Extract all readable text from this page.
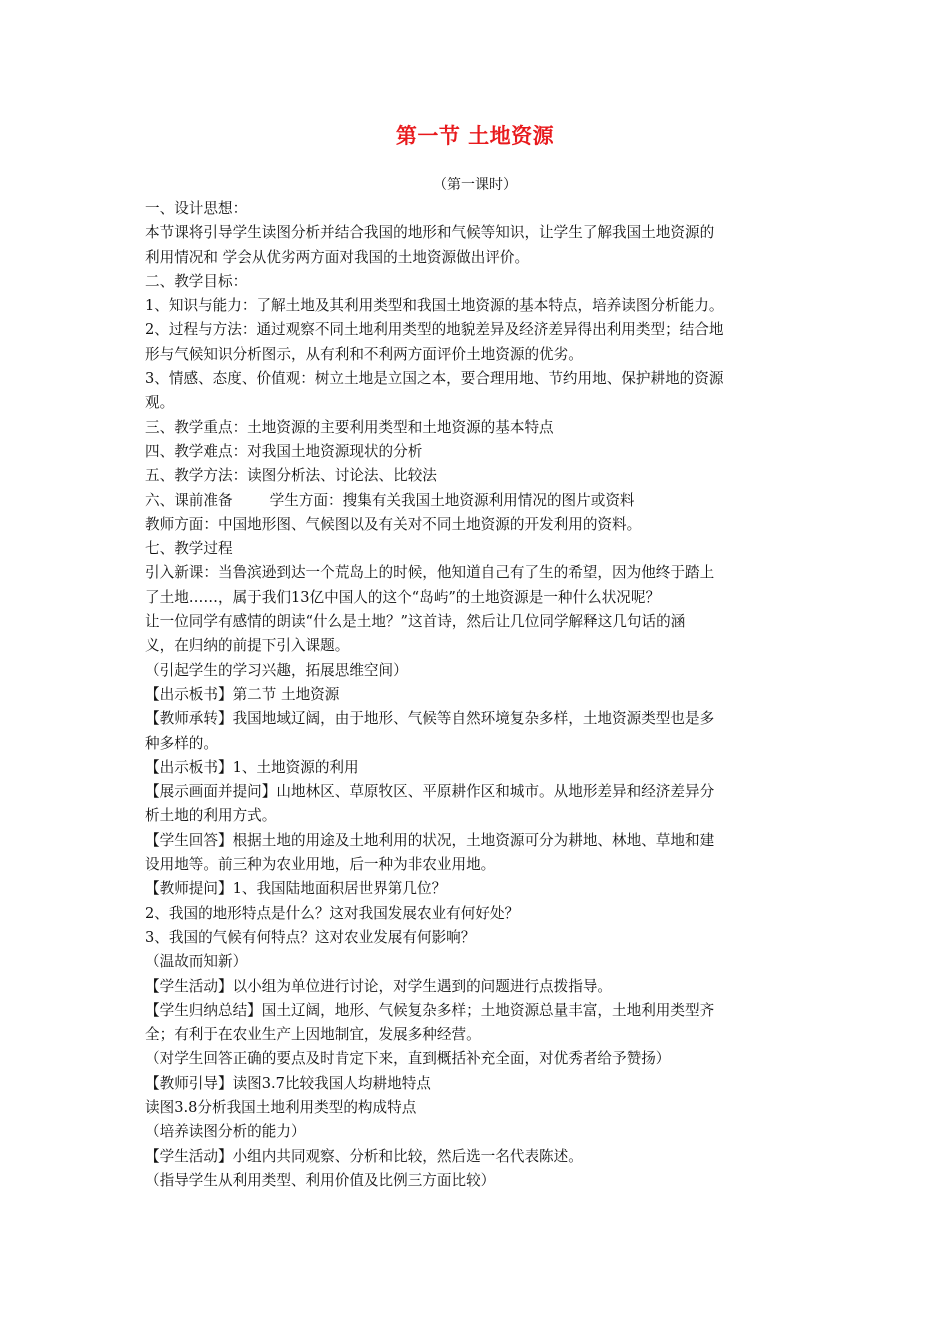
第一节 土地资源
（第一课时）
一、设计思想：
本节课将引导学生读图分析并结合我国的地形和气候等知识，让学生了解我国土地资源的
利用情况和 学会从优劣两方面对我国的土地资源做出评价。
二、教学目标：
1、知识与能力：了解土地及其利用类型和我国土地资源的基本特点，培养读图分析能力。
2、过程与方法：通过观察不同土地利用类型的地貌差异及经济差异得出利用类型；结合地
形与气候知识分析图示，从有利和不利两方面评价土地资源的优劣。
3、情感、态度、价值观：树立土地是立国之本，要合理用地、节约用地、保护耕地的资源
观。
三、教学重点：土地资源的主要利用类型和土地资源的基本特点
四、教学难点：对我国土地资源现状的分析
五、教学方法：读图分析法、讨论法、比较法
六、课前准备        学生方面：搜集有关我国土地资源利用情况的图片或资料
教师方面：中国地形图、气候图以及有关对不同土地资源的开发利用的资料。
七、教学过程
引入新课：当鲁滨逊到达一个荒岛上的时候，他知道自己有了生的希望，因为他终于踏上
了土地……，属于我们13亿中国人的这个“岛屿”的土地资源是一种什么状况呢？
让一位同学有感情的朗读“什么是土地？”这首诗，然后让几位同学解释这几句话的涵
义，在归纳的前提下引入课题。
（引起学生的学习兴趣，拓展思维空间）
【出示板书】第二节 土地资源
【教师承转】我国地域辽阔，由于地形、气候等自然环境复杂多样，土地资源类型也是多
种多样的。
【出示板书】1、土地资源的利用
【展示画面并提问】山地林区、草原牧区、平原耕作区和城市。从地形差异和经济差异分
析土地的利用方式。
【学生回答】根据土地的用途及土地利用的状况，土地资源可分为耕地、林地、草地和建
设用地等。前三种为农业用地，后一种为非农业用地。
【教师提问】1、我国陆地面积居世界第几位？
2、我国的地形特点是什么？这对我国发展农业有何好处？
3、我国的气候有何特点？这对农业发展有何影响？
（温故而知新）
【学生活动】以小组为单位进行讨论，对学生遇到的问题进行点拨指导。
【学生归纳总结】国土辽阔，地形、气候复杂多样；土地资源总量丰富，土地利用类型齐
全；有利于在农业生产上因地制宜，发展多种经营。
（对学生回答正确的要点及时肯定下来，直到概括补充全面，对优秀者给予赞扬）
【教师引导】读图3.7比较我国人均耕地特点
读图3.8分析我国土地利用类型的构成特点
（培养读图分析的能力）
【学生活动】小组内共同观察、分析和比较，然后选一名代表陈述。
（指导学生从利用类型、利用价值及比例三方面比较）
